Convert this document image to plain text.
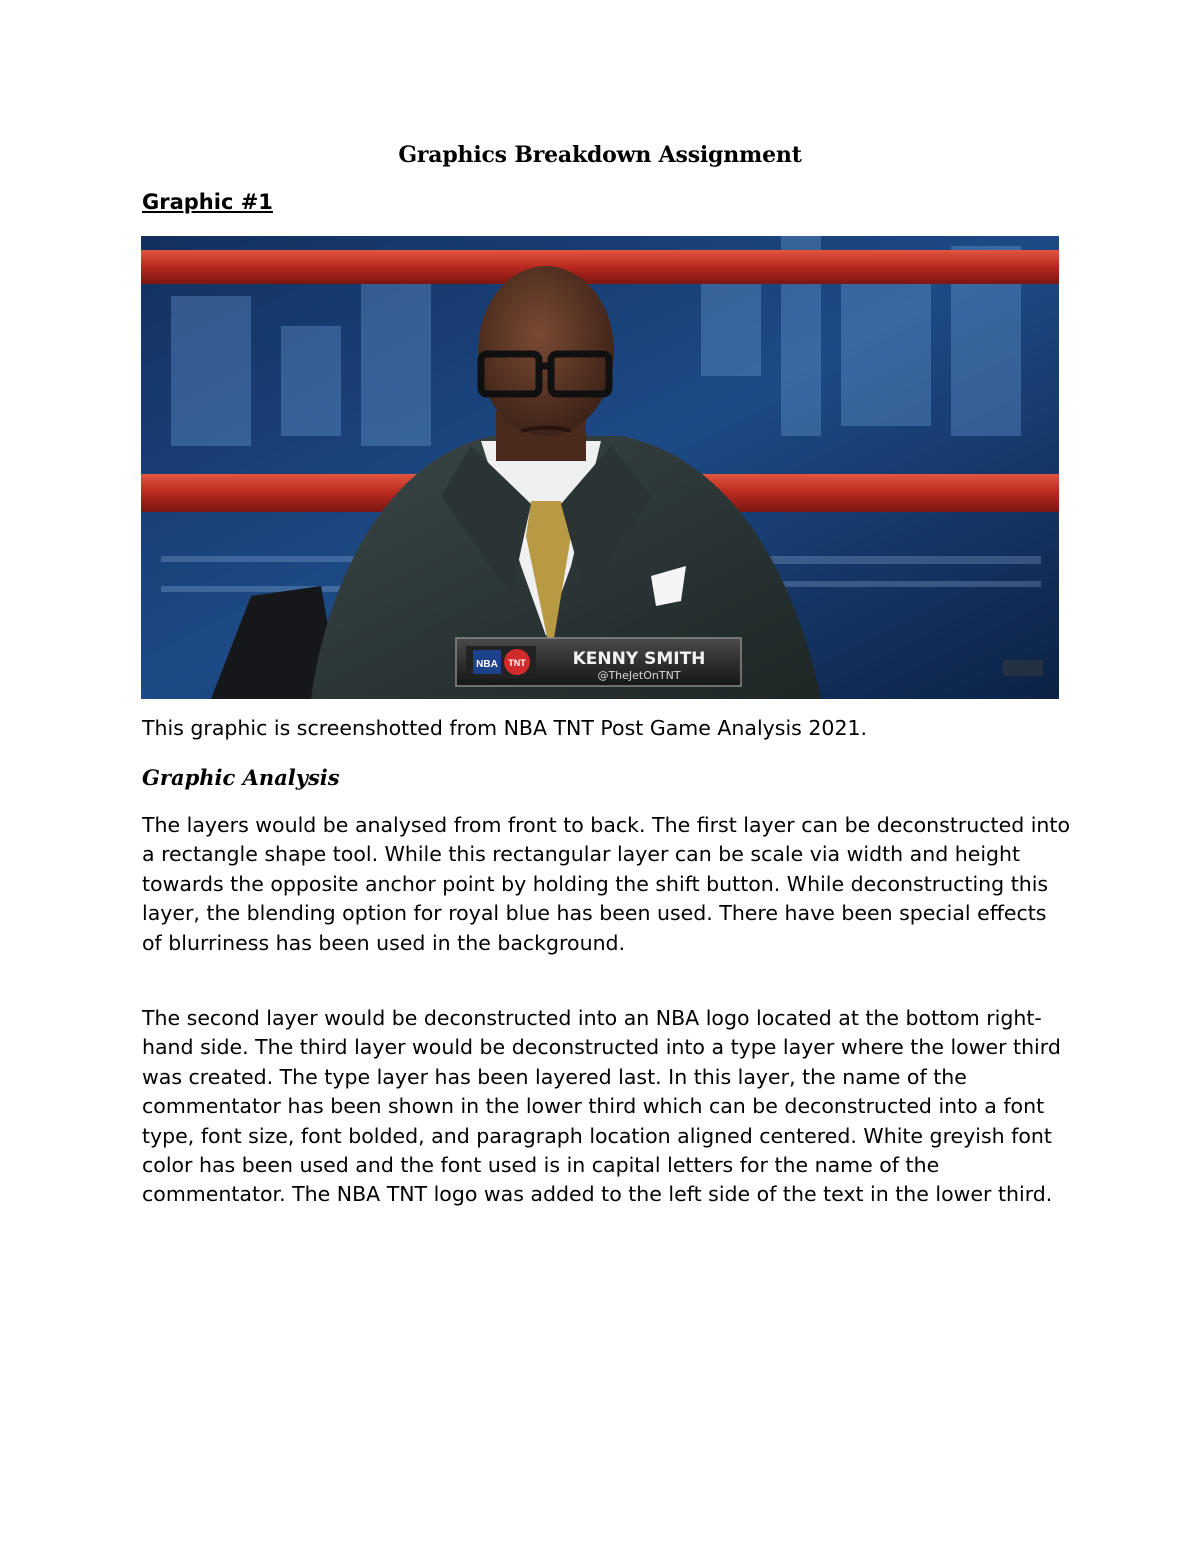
Graphics Breakdown Assignment
Graphic #1
NBA TNT	KENNY SMITH
@TheJetOnTNT
This graphic is screenshotted from NBA TNT Post Game Analysis 2021.
Graphic Analysis

The layers would be analysed from front to back. The first layer can be deconstructed into a rectangle shape tool. While this rectangular layer can be scale via width and height towards the opposite anchor point by holding the shift button. While deconstructing this layer, the blending option for royal blue has been used. There have been special effects of blurriness has been used in the background.

The second layer would be deconstructed into an NBA logo located at the bottom right-hand side. The third layer would be deconstructed into a type layer where the lower third was created. The type layer has been layered last. In this layer, the name of the commentator has been shown in the lower third which can be deconstructed into a font type, font size, font bolded, and paragraph location aligned centered. White greyish font color has been used and the font used is in capital letters for the name of the commentator. The NBA TNT logo was added to the left side of the text in the lower third.
